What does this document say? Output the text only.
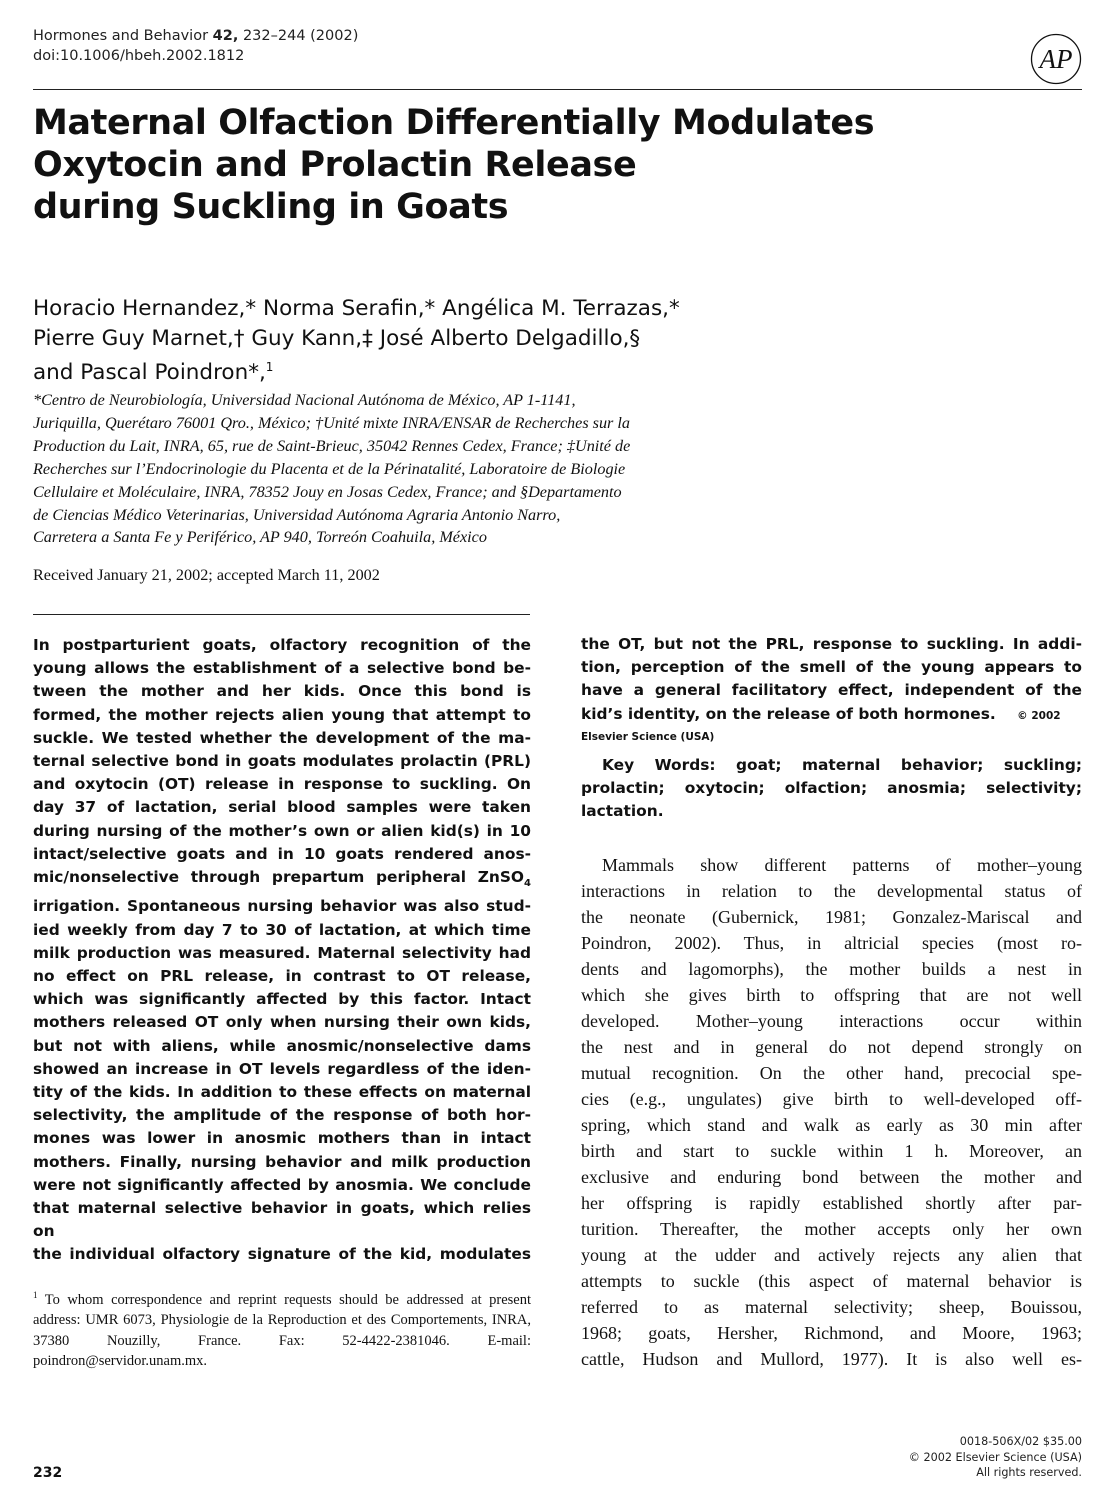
Hormones and Behavior 42, 232–244 (2002)
doi:10.1006/hbeh.2002.1812	AP
Maternal Olfaction Differentially Modulates
Oxytocin and Prolactin Release
during Suckling in Goats
Horacio Hernandez,* Norma Serafin,* Angélica M. Terrazas,*
Pierre Guy Marnet,† Guy Kann,‡ José Alberto Delgadillo,§
and Pascal Poindron*,$^1$
*Centro de Neurobiología, Universidad Nacional Autónoma de México, AP 1-1141,
Juriquilla, Querétaro 76001 Qro., México; †Unité mixte INRA/ENSAR de Recherches sur la
Production du Lait, INRA, 65, rue de Saint-Brieuc, 35042 Rennes Cedex, France; ‡Unité de
Recherches sur l’Endocrinologie du Placenta et de la Périnatalité, Laboratoire de Biologie
Cellulaire et Moléculaire, INRA, 78352 Jouy en Josas Cedex, France; and §Departamento
de Ciencias Médico Veterinarias, Universidad Autónoma Agraria Antonio Narro,
Carretera a Santa Fe y Periférico, AP 940, Torreón Coahuila, México
Received January 21, 2002; accepted March 11, 2002
In postparturient goats, olfactory recognition of the
young allows the establishment of a selective bond be-
tween the mother and her kids. Once this bond is
formed, the mother rejects alien young that attempt to
suckle. We tested whether the development of the ma-
ternal selective bond in goats modulates prolactin (PRL)
and oxytocin (OT) release in response to suckling. On
day 37 of lactation, serial blood samples were taken
during nursing of the mother’s own or alien kid(s) in 10
intact/selective goats and in 10 goats rendered anos-
mic/nonselective through prepartum peripheral ZnSO$_4$
irrigation. Spontaneous nursing behavior was also stud-
ied weekly from day 7 to 30 of lactation, at which time
milk production was measured. Maternal selectivity had
no effect on PRL release, in contrast to OT release,
which was significantly affected by this factor. Intact
mothers released OT only when nursing their own kids,
but not with aliens, while anosmic/nonselective dams
showed an increase in OT levels regardless of the iden-
tity of the kids. In addition to these effects on maternal
selectivity, the amplitude of the response of both hor-
mones was lower in anosmic mothers than in intact
mothers. Finally, nursing behavior and milk production
were not significantly affected by anosmia. We conclude
that maternal selective behavior in goats, which relies on
the individual olfactory signature of the kid, modulates
the OT, but not the PRL, response to suckling. In addi-
tion, perception of the smell of the young appears to
have a general facilitatory effect, independent of the
kid’s identity, on the release of both hormones. © 2002
Elsevier Science (USA)
Key Words: goat; maternal behavior; suckling; prolactin; oxytocin; olfaction; anosmia; selectivity; lactation.
Mammals show different patterns of mother–young
interactions in relation to the developmental status of
the neonate (Gubernick, 1981; Gonzalez-Mariscal and
Poindron, 2002). Thus, in altricial species (most ro-
dents and lagomorphs), the mother builds a nest in
which she gives birth to offspring that are not well
developed. Mother–young interactions occur within
the nest and in general do not depend strongly on
mutual recognition. On the other hand, precocial spe-
cies (e.g., ungulates) give birth to well-developed off-
spring, which stand and walk as early as 30 min after
birth and start to suckle within 1 h. Moreover, an
exclusive and enduring bond between the mother and
her offspring is rapidly established shortly after par-
turition. Thereafter, the mother accepts only her own
young at the udder and actively rejects any alien that
attempts to suckle (this aspect of maternal behavior is
referred to as maternal selectivity; sheep, Bouissou,
1968; goats, Hersher, Richmond, and Moore, 1963;
cattle, Hudson and Mullord, 1977). It is also well es-
$^1$ To whom correspondence and reprint requests should be addressed at present address: UMR 6073, Physiologie de la Reproduction et des Comportements, INRA, 37380 Nouzilly, France. Fax: 52-4422-2381046. E-mail: poindron@servidor.unam.mx.
232
0018-506X/02 $35.00
© 2002 Elsevier Science (USA)
All rights reserved.
